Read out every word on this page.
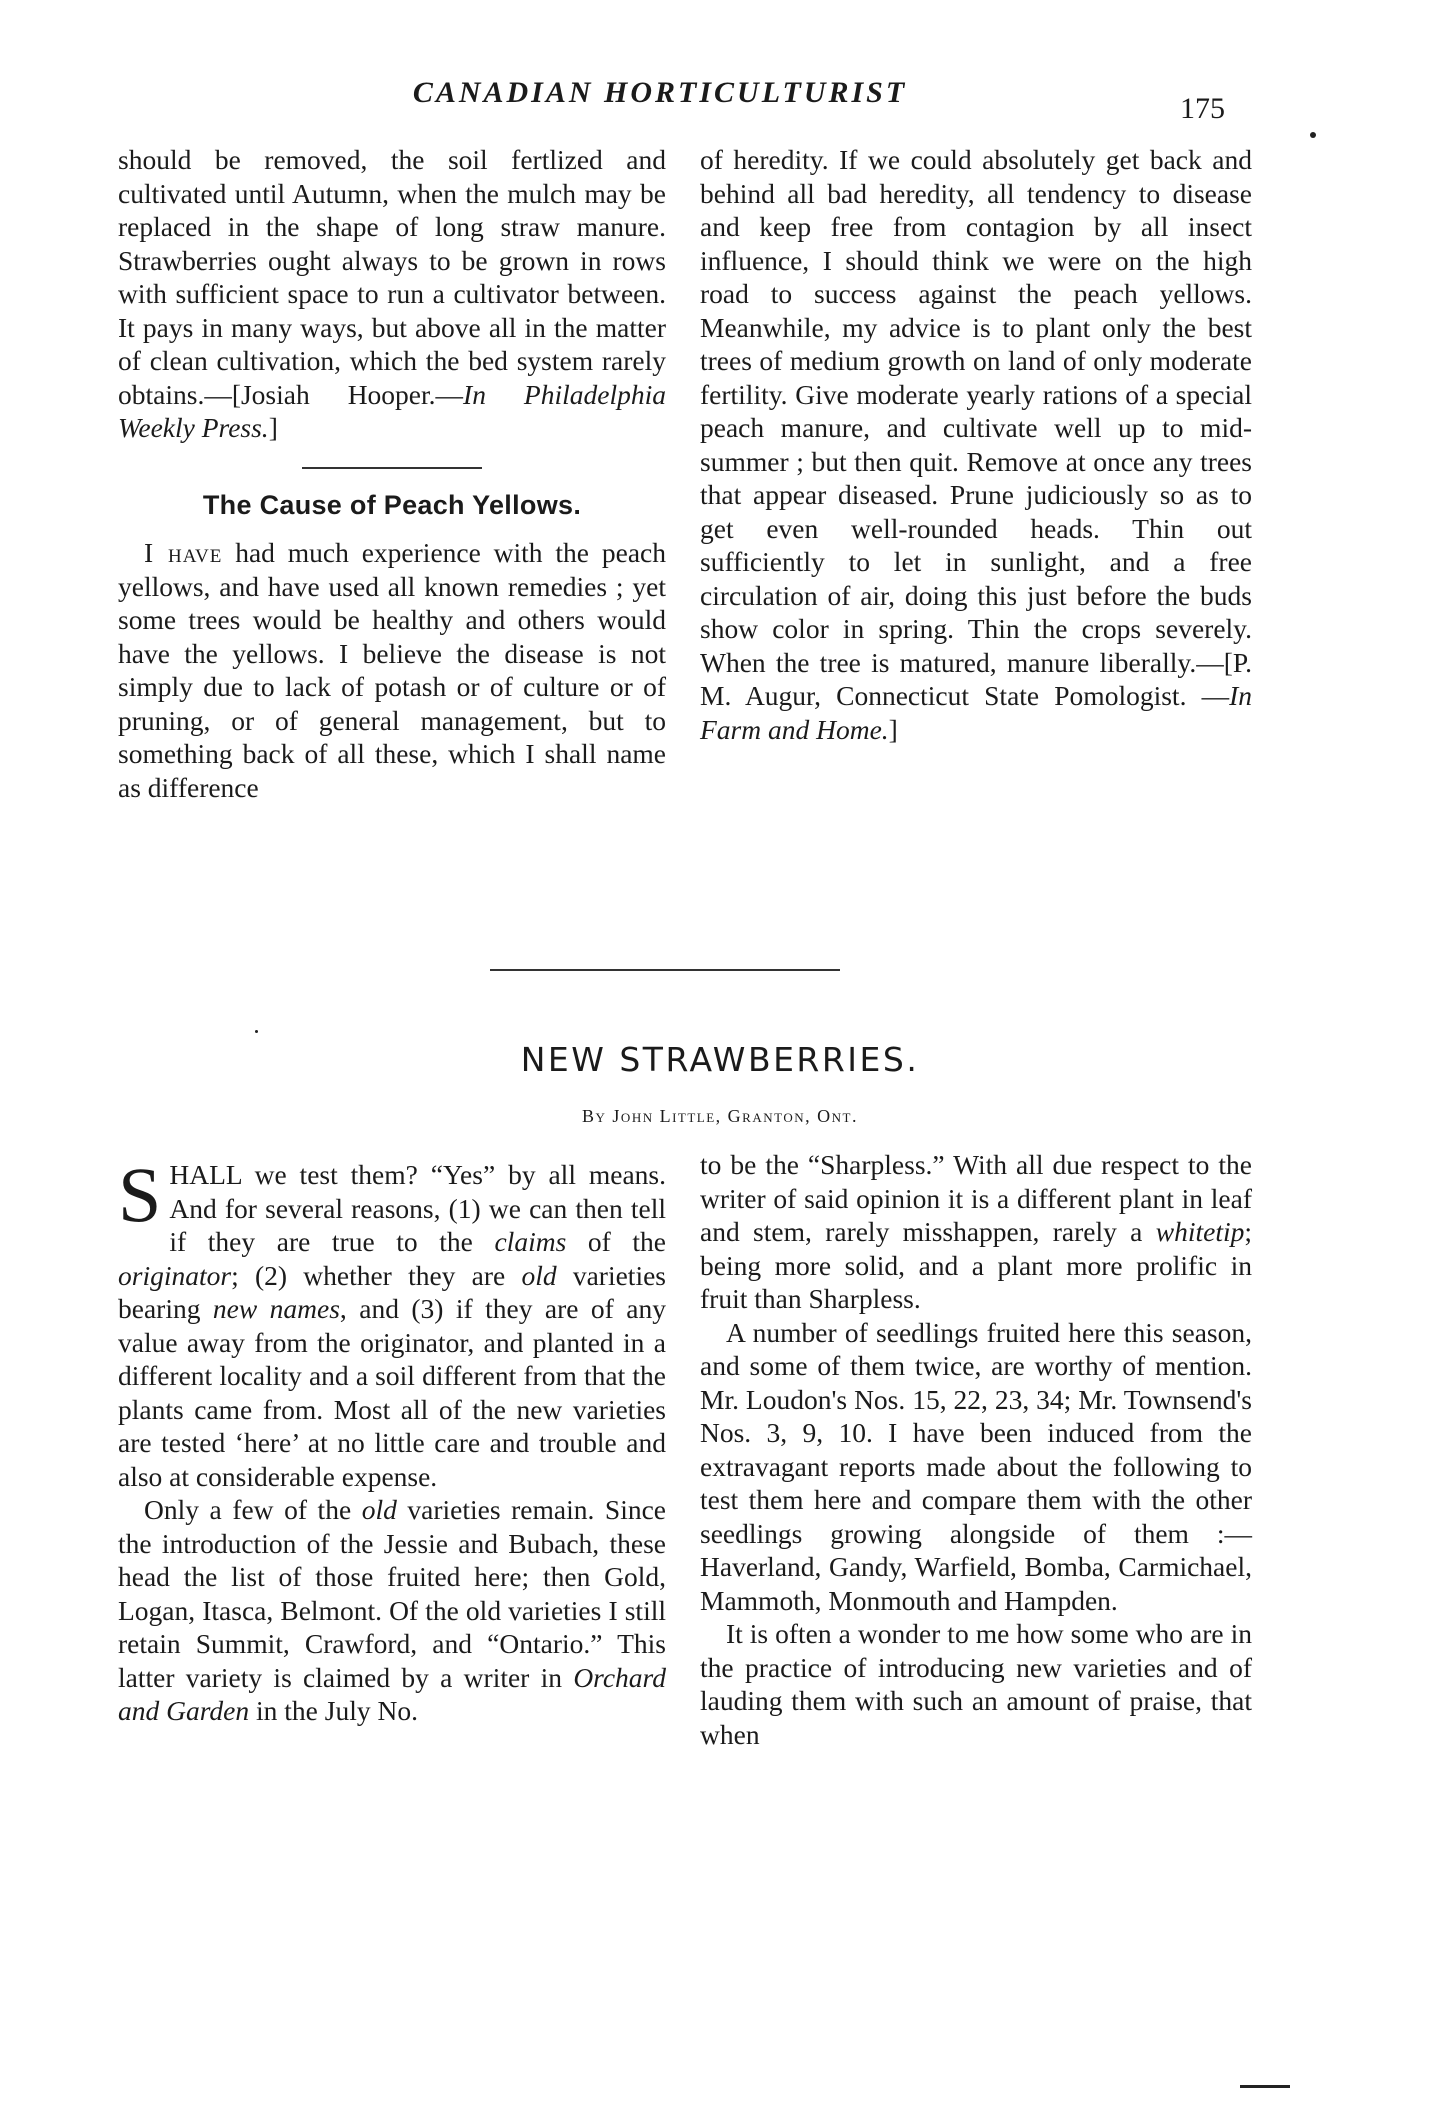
CANADIAN HORTICULTURIST	175

should be removed, the soil fertlized and cultivated until Autumn, when the mulch may be replaced in the shape of long straw manure. Strawberries ought always to be grown in rows with sufficient space to run a cultivator between. It pays in many ways, but above all in the matter of clean cultivation, which the bed system rarely obtains.—[Josiah Hooper.—In Philadelphia Weekly Press.]

The Cause of Peach Yellows.

I have had much experience with the peach yellows, and have used all known remedies ; yet some trees would be healthy and others would have the yellows. I believe the disease is not simply due to lack of potash or of culture or of pruning, or of general management, but to something back of all these, which I shall name as difference

of heredity. If we could absolutely get back and behind all bad heredity, all tendency to disease and keep free from contagion by all insect influence, I should think we were on the high road to success against the peach yellows. Meanwhile, my advice is to plant only the best trees of medium growth on land of only moderate fertility. Give moderate yearly rations of a special peach manure, and cultivate well up to mid-summer ; but then quit. Remove at once any trees that appear diseased. Prune judiciously so as to get even well-rounded heads. Thin out sufficiently to let in sunlight, and a free circulation of air, doing this just before the buds show color in spring. Thin the crops severely. When the tree is matured, manure liberally.—[P. M. Augur, Connecticut State Pomologist. —In Farm and Home.]

NEW STRAWBERRIES.
By John Little, Granton, Ont.

SHALL we test them? “Yes” by all means. And for several reasons, (1) we can then tell if they are true to the claims of the originator; (2) whether they are old varieties bearing new names, and (3) if they are of any value away from the originator, and planted in a different locality and a soil different from that the plants came from. Most all of the new varieties are tested ‘here’ at no little care and trouble and also at considerable expense.

Only a few of the old varieties remain. Since the introduction of the Jessie and Bubach, these head the list of those fruited here; then Gold, Logan, Itasca, Belmont. Of the old varieties I still retain Summit, Crawford, and “Ontario.” This latter variety is claimed by a writer in Orchard and Garden in the July No.

to be the “Sharpless.” With all due respect to the writer of said opinion it is a different plant in leaf and stem, rarely misshappen, rarely a whitetip; being more solid, and a plant more prolific in fruit than Sharpless.

A number of seedlings fruited here this season, and some of them twice, are worthy of mention. Mr. Loudon's Nos. 15, 22, 23, 34; Mr. Townsend's Nos. 3, 9, 10. I have been induced from the extravagant reports made about the following to test them here and compare them with the other seedlings growing alongside of them :—Haverland, Gandy, Warfield, Bomba, Carmichael, Mammoth, Monmouth and Hampden.

It is often a wonder to me how some who are in the practice of introducing new varieties and of lauding them with such an amount of praise, that when
